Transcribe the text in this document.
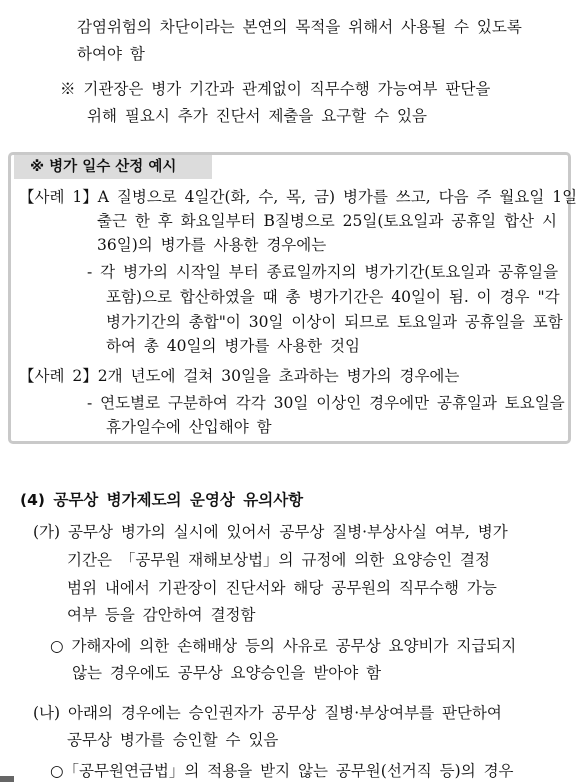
감염위험의 차단이라는 본연의 목적을 위해서 사용될 수 있도록
하여야 함
※ 기관장은 병가 기간과 관계없이 직무수행 가능여부 판단을
위해 필요시 추가 진단서 제출을 요구할 수 있음
※ 병가 일수 산정 예시
【사례 1】A 질병으로 4일간(화, 수, 목, 금) 병가를 쓰고, 다음 주 월요일 1일
출근 한 후 화요일부터 B질병으로 25일(토요일과 공휴일 합산 시
36일)의 병가를 사용한 경우에는
- 각 병가의 시작일 부터 종료일까지의 병가기간(토요일과 공휴일을
포함)으로 합산하였을 때 총 병가기간은 40일이 됨. 이 경우 "각
병가기간의 총합"이 30일 이상이 되므로 토요일과 공휴일을 포함
하여 총 40일의 병가를 사용한 것임
【사례 2】2개 년도에 걸쳐 30일을 초과하는 병가의 경우에는
- 연도별로 구분하여 각각 30일 이상인 경우에만 공휴일과 토요일을
휴가일수에 산입해야 함
(4) 공무상 병가제도의 운영상 유의사항
(가) 공무상 병가의 실시에 있어서 공무상 질병·부상사실 여부, 병가
기간은 「공무원 재해보상법」의 규정에 의한 요양승인 결정
범위 내에서 기관장이 진단서와 해당 공무원의 직무수행 가능
여부 등을 감안하여 결정함
○ 가해자에 의한 손해배상 등의 사유로 공무상 요양비가 지급되지
않는 경우에도 공무상 요양승인을 받아야 함
(나) 아래의 경우에는 승인권자가 공무상 질병·부상여부를 판단하여
공무상 병가를 승인할 수 있음
○「공무원연금법」의 적용을 받지 않는 공무원(선거직 등)의 경우
